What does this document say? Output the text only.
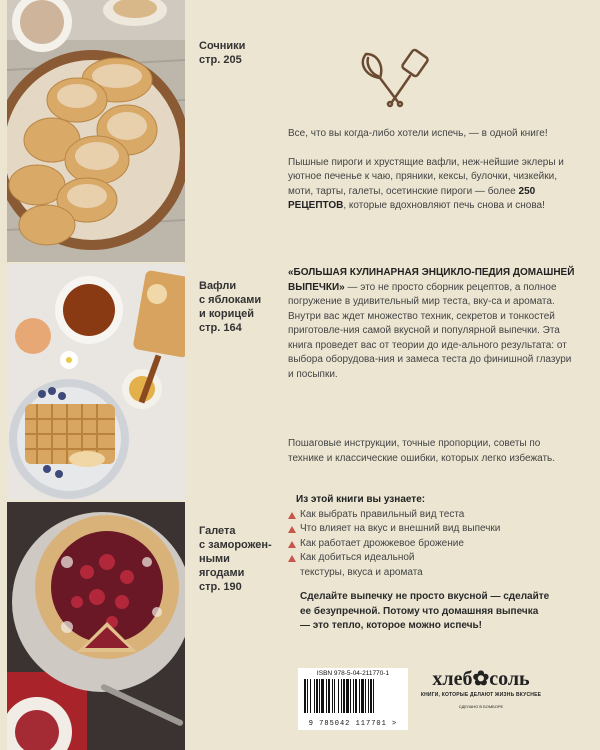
Сочники
стр. 205
Вафли
с яблоками
и корицей
стр. 164
Галета
с заморожен-
ными
ягодами
стр. 190

Все, что вы когда-либо хотели испечь, — в одной книге!

Пышные пироги и хрустящие вафли, неж-нейшие эклеры и уютное печенье к чаю, пряники, кексы, булочки, чизкейки, моти, тарты, галеты, осетинские пироги — более 250 РЕЦЕПТОВ, которые вдохновляют печь снова и снова!

«БОЛЬШАЯ КУЛИНАРНАЯ ЭНЦИКЛО-ПЕДИЯ ДОМАШНЕЙ ВЫПЕЧКИ» — это не просто сборник рецептов, а полное погружение в удивительный мир теста, вку-са и аромата. Внутри вас ждет множество техник, секретов и тонкостей приготовле-ния самой вкусной и популярной выпечки. Эта книга проведет вас от теории до иде-ального результата: от выбора оборудова-ния и замеса теста до финишной глазури и посыпки.

Пошаговые инструкции, точные пропорции, советы по технике и классические ошибки, которых легко избежать.

Из этой книги вы узнаете:
Как выбрать правильный вид теста
Что влияет на вкус и внешний вид выпечки
Как работает дрожжевое брожение
Как добиться идеальной текстуры, вкуса и аромата
Сделайте выпечку не просто вкусной — сделайте ее безупречной. Потому что домашняя выпечка — это тепло, которое можно испечь!
ISBN 978-5-04-211770-1
9 785042 117701 >
хлеб✿соль
КНИГИ, КОТОРЫЕ ДЕЛАЮТ ЖИЗНЬ ВКУСНЕЕ
СДЕЛАНО В БОМБОРЕ
